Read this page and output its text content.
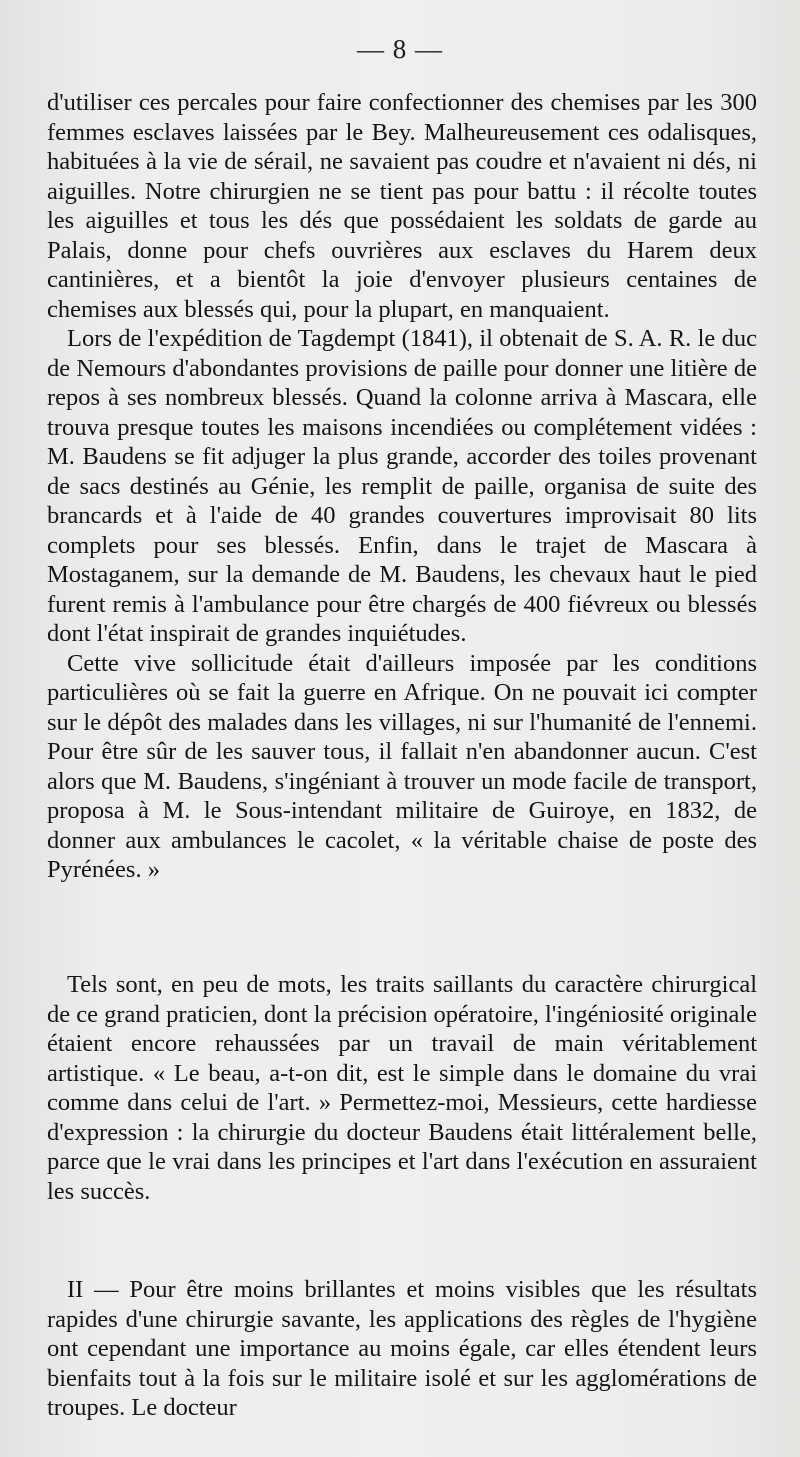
— 8 —

d'utiliser ces percales pour faire confectionner des chemises par les 300 femmes esclaves laissées par le Bey. Malheureusement ces odalisques, habituées à la vie de sérail, ne savaient pas coudre et n'avaient ni dés, ni aiguilles. Notre chirurgien ne se tient pas pour battu : il récolte toutes les aiguilles et tous les dés que possédaient les soldats de garde au Palais, donne pour chefs ouvrières aux esclaves du Harem deux cantinières, et a bientôt la joie d'envoyer plusieurs centaines de chemises aux blessés qui, pour la plupart, en manquaient.

Lors de l'expédition de Tagdempt (1841), il obtenait de S. A. R. le duc de Nemours d'abondantes provisions de paille pour donner une litière de repos à ses nombreux blessés. Quand la colonne arriva à Mascara, elle trouva presque toutes les maisons incendiées ou complétement vidées : M. Baudens se fit adjuger la plus grande, accorder des toiles provenant de sacs destinés au Génie, les remplit de paille, organisa de suite des brancards et à l'aide de 40 grandes couvertures improvisait 80 lits complets pour ses blessés. Enfin, dans le trajet de Mascara à Mostaganem, sur la demande de M. Baudens, les chevaux haut le pied furent remis à l'ambulance pour être chargés de 400 fiévreux ou blessés dont l'état inspirait de grandes inquiétudes.

Cette vive sollicitude était d'ailleurs imposée par les conditions particulières où se fait la guerre en Afrique. On ne pouvait ici compter sur le dépôt des malades dans les villages, ni sur l'humanité de l'ennemi. Pour être sûr de les sauver tous, il fallait n'en abandonner aucun. C'est alors que M. Baudens, s'ingéniant à trouver un mode facile de transport, proposa à M. le Sous-intendant militaire de Guiroye, en 1832, de donner aux ambulances le cacolet, « la véritable chaise de poste des Pyrénées. »

Tels sont, en peu de mots, les traits saillants du caractère chirurgical de ce grand praticien, dont la précision opératoire, l'ingéniosité originale étaient encore rehaussées par un travail de main véritablement artistique. « Le beau, a-t-on dit, est le simple dans le domaine du vrai comme dans celui de l'art. » Permettez-moi, Messieurs, cette hardiesse d'expression : la chirurgie du docteur Baudens était littéralement belle, parce que le vrai dans les principes et l'art dans l'exécution en assuraient les succès.

II — Pour être moins brillantes et moins visibles que les résultats rapides d'une chirurgie savante, les applications des règles de l'hygiène ont cependant une importance au moins égale, car elles étendent leurs bienfaits tout à la fois sur le militaire isolé et sur les agglomérations de troupes. Le docteur
